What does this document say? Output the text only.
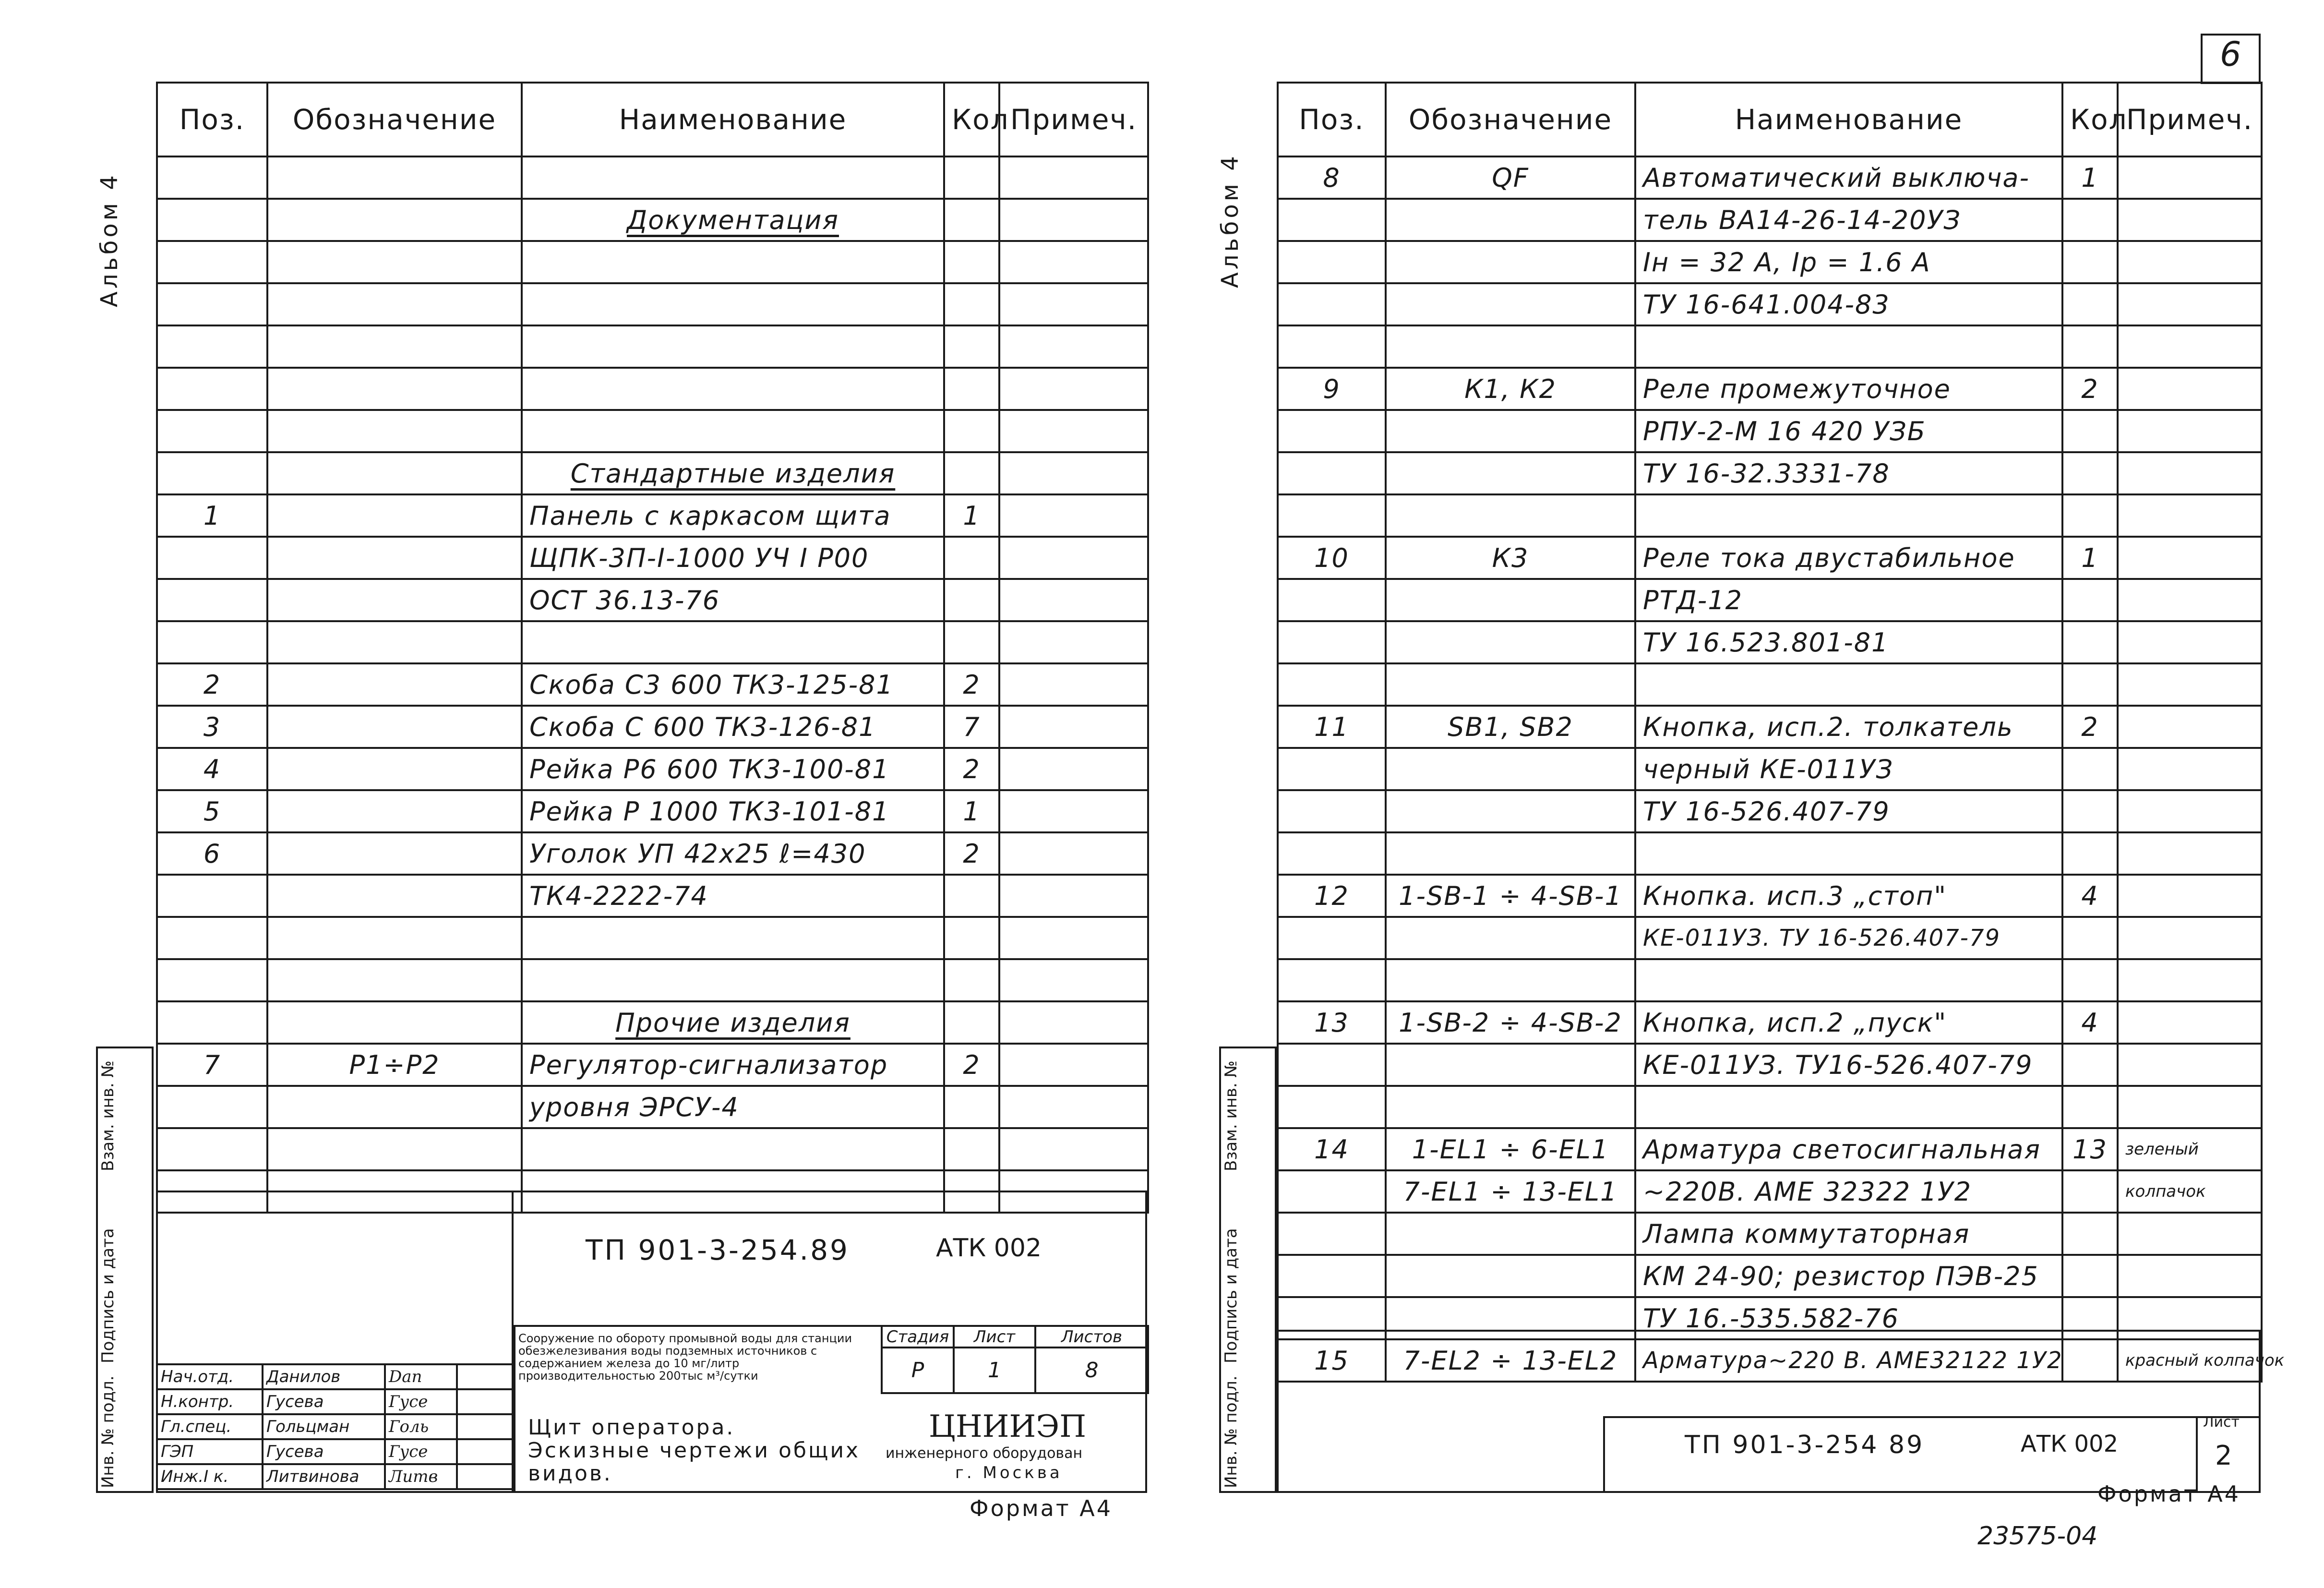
Альбом 4
Поз.	Обозначение	Наименование	Кол	Примеч.

		Документация		

		Стандартные изделия		
1		Панель с каркасом щита	1	
		ЩПК-3П-I-1000 УЧ I Р00		
		ОСТ 36.13-76		

2		Скоба С3 600 ТК3-125-81	2	
3		Скоба С 600 ТК3-126-81	7	
4		Рейка Р6 600 ТК3-100-81	2	
5		Рейка Р 1000 ТК3-101-81	1	
6		Уголок УП 42x25 ℓ=430	2	
		ТК4-2222-74		

		Прочие изделия		
7	Р1÷Р2	Регулятор-сигнализатор	2	
		уровня ЭРСУ-4		

Инв. № подл.
Подпись и дата
Взам. инв. №
ТП 901-3-254.89	АТК 002
Сооружение по обороту промывной воды для станции обезжелезивания воды подземных источников с содержанием железа до 10 мг/литр производительностью 200тыс м³/сутки
Стадия	Лист	Листов
Р	1	8
Щит оператора. Эскизные чертежи общих видов.
ЦНИИЭП
инженерного оборудован
г. Москва
Нач.отд.	Данилов	Dan	
Н.контр.	Гусева	Гусе	
Гл.спец.	Гольцман	Голь	
ГЭП	Гусева	Гусе	
Инж.I к.	Литвинова	Литв	
Формат А4
6
Альбом 4
Поз.	Обозначение	Наименование	Кол	Примеч.
8	QF	Автоматический выключа-	1	
		тель ВА14-26-14-20УЗ		
		Iн = 32 А, Iр = 1.6 А		
		ТУ 16-641.004-83		

9	К1, К2	Реле промежуточное	2	
		РПУ-2-М 16 420 УЗБ		
		ТУ 16-32.3331-78		

10	К3	Реле тока двустабильное	1	
		РТД-12		
		ТУ 16.523.801-81		

11	SB1, SB2	Кнопка, исп.2. толкатель	2	
		черный КЕ-011УЗ		
		ТУ 16-526.407-79		

12	1-SB-1 ÷ 4-SB-1	Кнопка. исп.3 „стоп"	4	
		КЕ-011УЗ. ТУ 16-526.407-79		

13	1-SB-2 ÷ 4-SB-2	Кнопка, исп.2 „пуск"	4	
		КЕ-011УЗ. ТУ16-526.407-79		

14	1-EL1 ÷ 6-EL1	Арматура светосигнальная	13	зеленый
	7-EL1 ÷ 13-EL1	~220В. АМЕ 32322 1У2		колпачок
		Лампа коммутаторная		
		КМ 24-90; резистор ПЭВ-25		
		ТУ 16.-535.582-76		
15	7-EL2 ÷ 13-EL2	Арматура~220 В. АМЕ32122 1У2		красный колпачок
Инв. № подл.
Подпись и дата
Взам. инв. №
ТП 901-3-254 89	АТК 002
Лист
2
Формат А4
23575-04
